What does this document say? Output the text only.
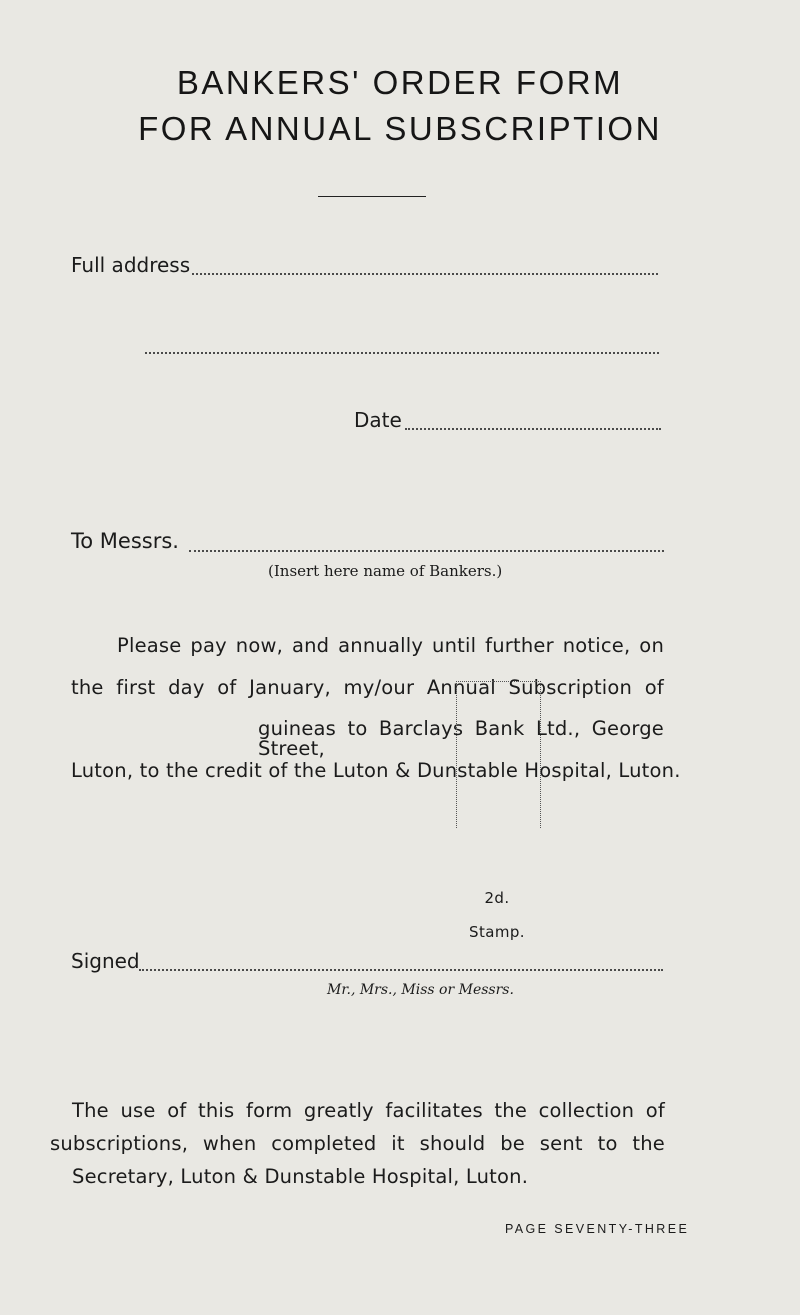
BANKERS' ORDER FORM
FOR ANNUAL SUBSCRIPTION
Full address
Date
To Messrs.
(Insert here name of Bankers.)
Please pay now, and annually until further notice, on
the first day of January, my/our Annual Subscription of
guineas to Barclays Bank Ltd., George Street,
Luton, to the credit of the Luton & Dunstable Hospital, Luton.
2d.
Stamp.
Signed
Mr., Mrs., Miss or Messrs.
The use of this form greatly facilitates the collection of
subscriptions, when completed it should be sent to the
Secretary, Luton & Dunstable Hospital, Luton.
PAGE SEVENTY-THREE
